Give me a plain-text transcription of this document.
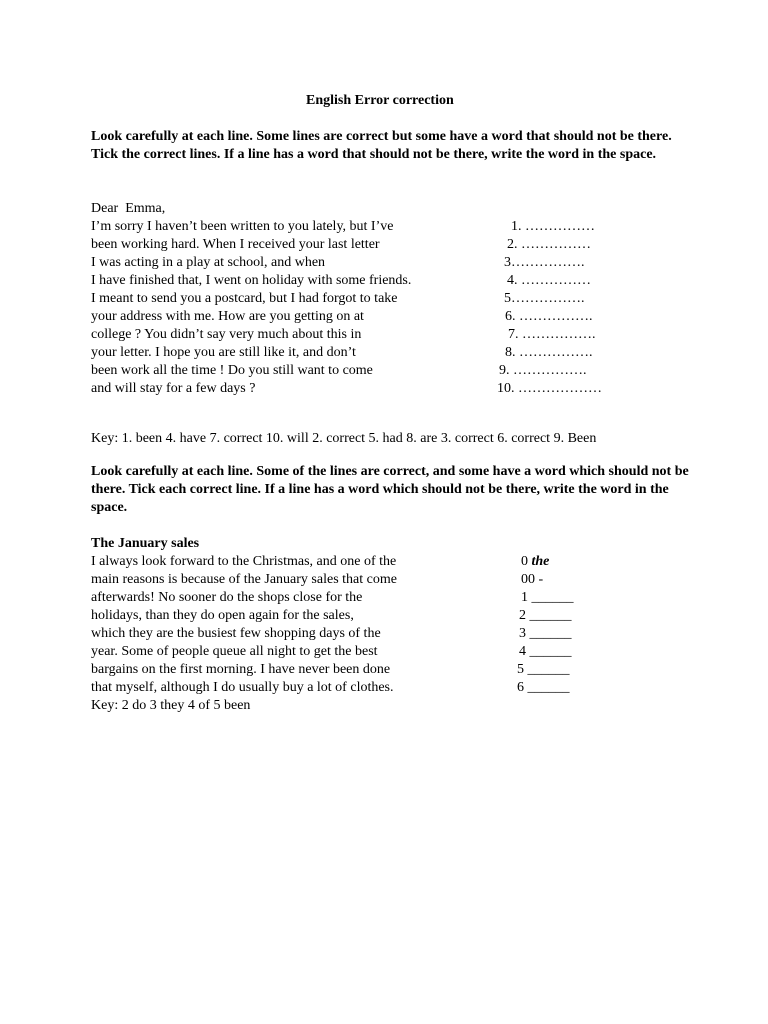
English Error correction
Look carefully at each line. Some lines are correct but some have a word that should not be there. Tick the correct lines. If a line has a word that should not be there, write the word in the space.
Dear  Emma,
I’m sorry I haven’t been written to you lately, but I’ve
been working hard. When I received your last letter
I was acting in a play at school, and when
I have finished that, I went on holiday with some friends.
I meant to send you a postcard, but I had forgot to take
your address with me. How are you getting on at
college ? You didn’t say very much about this in
your letter. I hope you are still like it, and don’t
been work all the time ! Do you still want to come
and will stay for a few days ?
1. ……………
2. ……………
3…………….
4. ……………
5…………….
6. …………….
7. …………….
8. …………….
9. …………….
10. ………………
Key: 1. been 4. have 7. correct 10. will 2. correct 5. had 8. are 3. correct 6. correct 9. Been
Look carefully at each line. Some of the lines are correct, and some have a word which should not be there. Tick each correct line. If a line has a word which should not be there, write the word in the space.
The January sales
I always look forward to the Christmas, and one of the
main reasons is because of the January sales that come
afterwards! No sooner do the shops close for the
holidays, than they do open again for the sales,
which they are the busiest few shopping days of the
year. Some of people queue all night to get the best
bargains on the first morning. I have never been done
that myself, although I do usually buy a lot of clothes.
0 the
00 -
1 ______
2 ______
3 ______
4 ______
5 ______
6 ______
Key: 2 do 3 they 4 of 5 been
